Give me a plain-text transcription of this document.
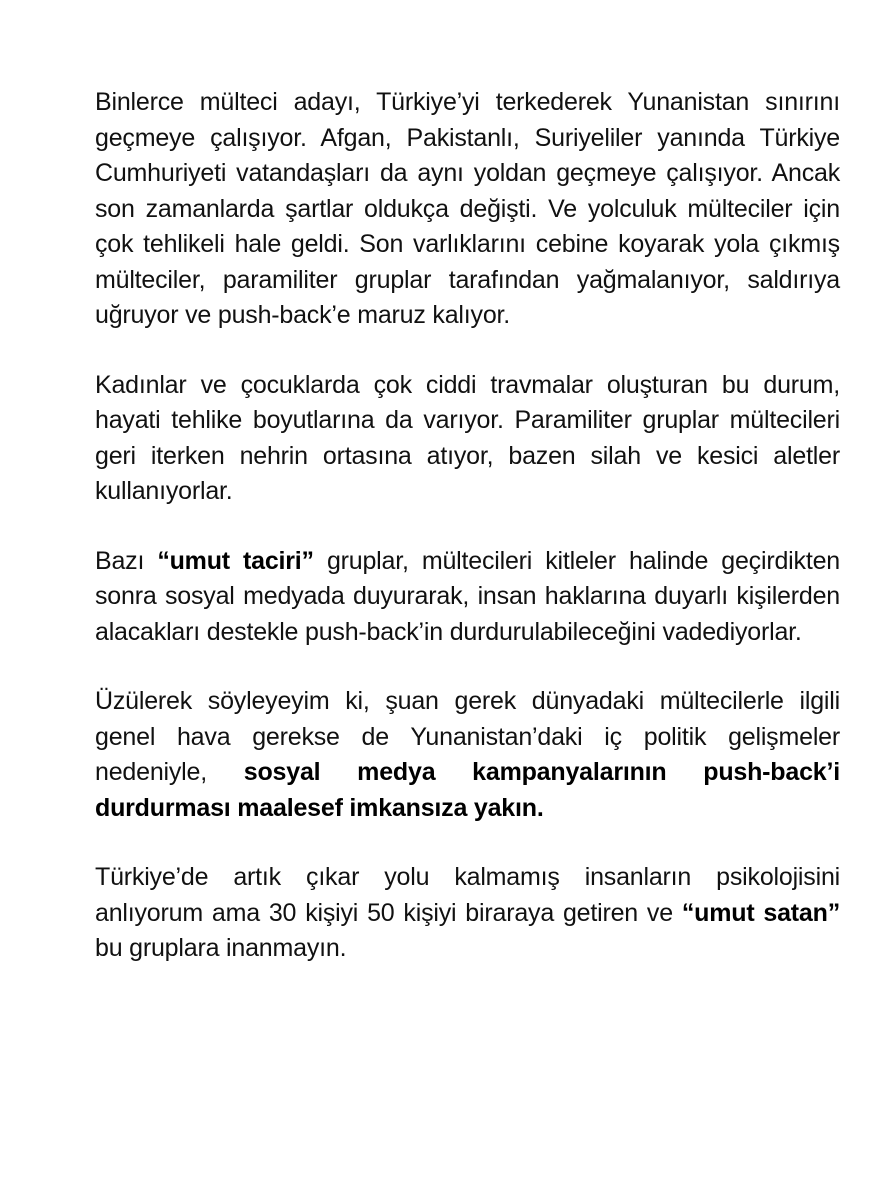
Binlerce mülteci adayı, Türkiye’yi terkederek Yunanistan sınırını geçmeye çalışıyor. Afgan, Pakistanlı, Suriyeliler yanında Türkiye Cumhuriyeti vatandaşları da aynı yoldan geçmeye çalışıyor. Ancak son zamanlarda şartlar oldukça değişti. Ve yolculuk mülteciler için çok tehlikeli hale geldi. Son varlıklarını cebine koyarak yola çıkmış mülteciler, paramiliter gruplar tarafından yağmalanıyor, saldırıya uğruyor ve push-back’e maruz kalıyor.

Kadınlar ve çocuklarda çok ciddi travmalar oluşturan bu durum, hayati tehlike boyutlarına da varıyor. Paramiliter gruplar mültecileri geri iterken nehrin ortasına atıyor, bazen silah ve kesici aletler kullanıyorlar.

Bazı “umut taciri” gruplar, mültecileri kitleler halinde geçirdikten sonra sosyal medyada duyurarak, insan haklarına duyarlı kişilerden alacakları destekle push-back’in durdurulabileceğini vadediyorlar.

Üzülerek söyleyeyim ki, şuan gerek dünyadaki mültecilerle ilgili genel hava gerekse de Yunanistan’daki iç politik gelişmeler nedeniyle, sosyal medya kampanyalarının push-back’i durdurması maalesef imkansıza yakın.

Türkiye’de artık çıkar yolu kalmamış insanların psikolojisini anlıyorum ama 30 kişiyi 50 kişiyi biraraya getiren ve “umut satan” bu gruplara inanmayın.
